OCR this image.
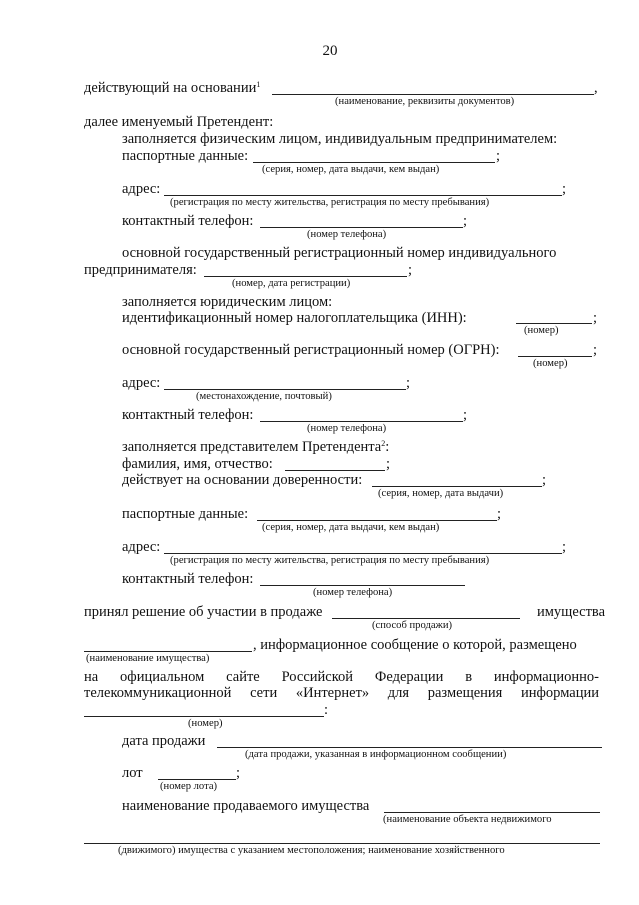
20
действующий на основании$^1$	,
(наименование, реквизиты документов)
далее именуемый Претендент:
заполняется физическим лицом, индивидуальным предпринимателем:
паспортные данные:	;
(серия, номер, дата выдачи, кем выдан)
адрес:	;
(регистрация по месту жительства, регистрация по месту пребывания)
контактный телефон:	;
(номер телефона)
основной государственный регистрационный номер индивидуального
предпринимателя:	;
(номер, дата регистрации)
заполняется юридическим лицом:
идентификационный номер налогоплательщика (ИНН):	;
(номер)
основной государственный регистрационный номер (ОГРН):	;
(номер)
адрес:	;
(местонахождение, почтовый)
контактный телефон:	;
(номер телефона)
заполняется представителем Претендента$^2$:
фамилия, имя, отчество:	;
действует на основании доверенности:	;
(серия, номер, дата выдачи)
паспортные данные:	;
(серия, номер, дата выдачи, кем выдан)
адрес:	;
(регистрация по месту жительства, регистрация по месту пребывания)
контактный телефон:
(номер телефона)
принял решение об участии в продаже	имущества
(способ продажи)
, информационное сообщение о которой, размещено
(наименование имущества)
на официальном сайте Российской Федерации в информационно-
телекоммуникационной сети «Интернет» для размещения информации
:
(номер)
дата продажи
(дата продажи, указанная в информационном сообщении)
лот	;
(номер лота)
наименование продаваемого имущества
(наименование объекта недвижимого
(движимого) имущества с указанием местоположения; наименование хозяйственного
